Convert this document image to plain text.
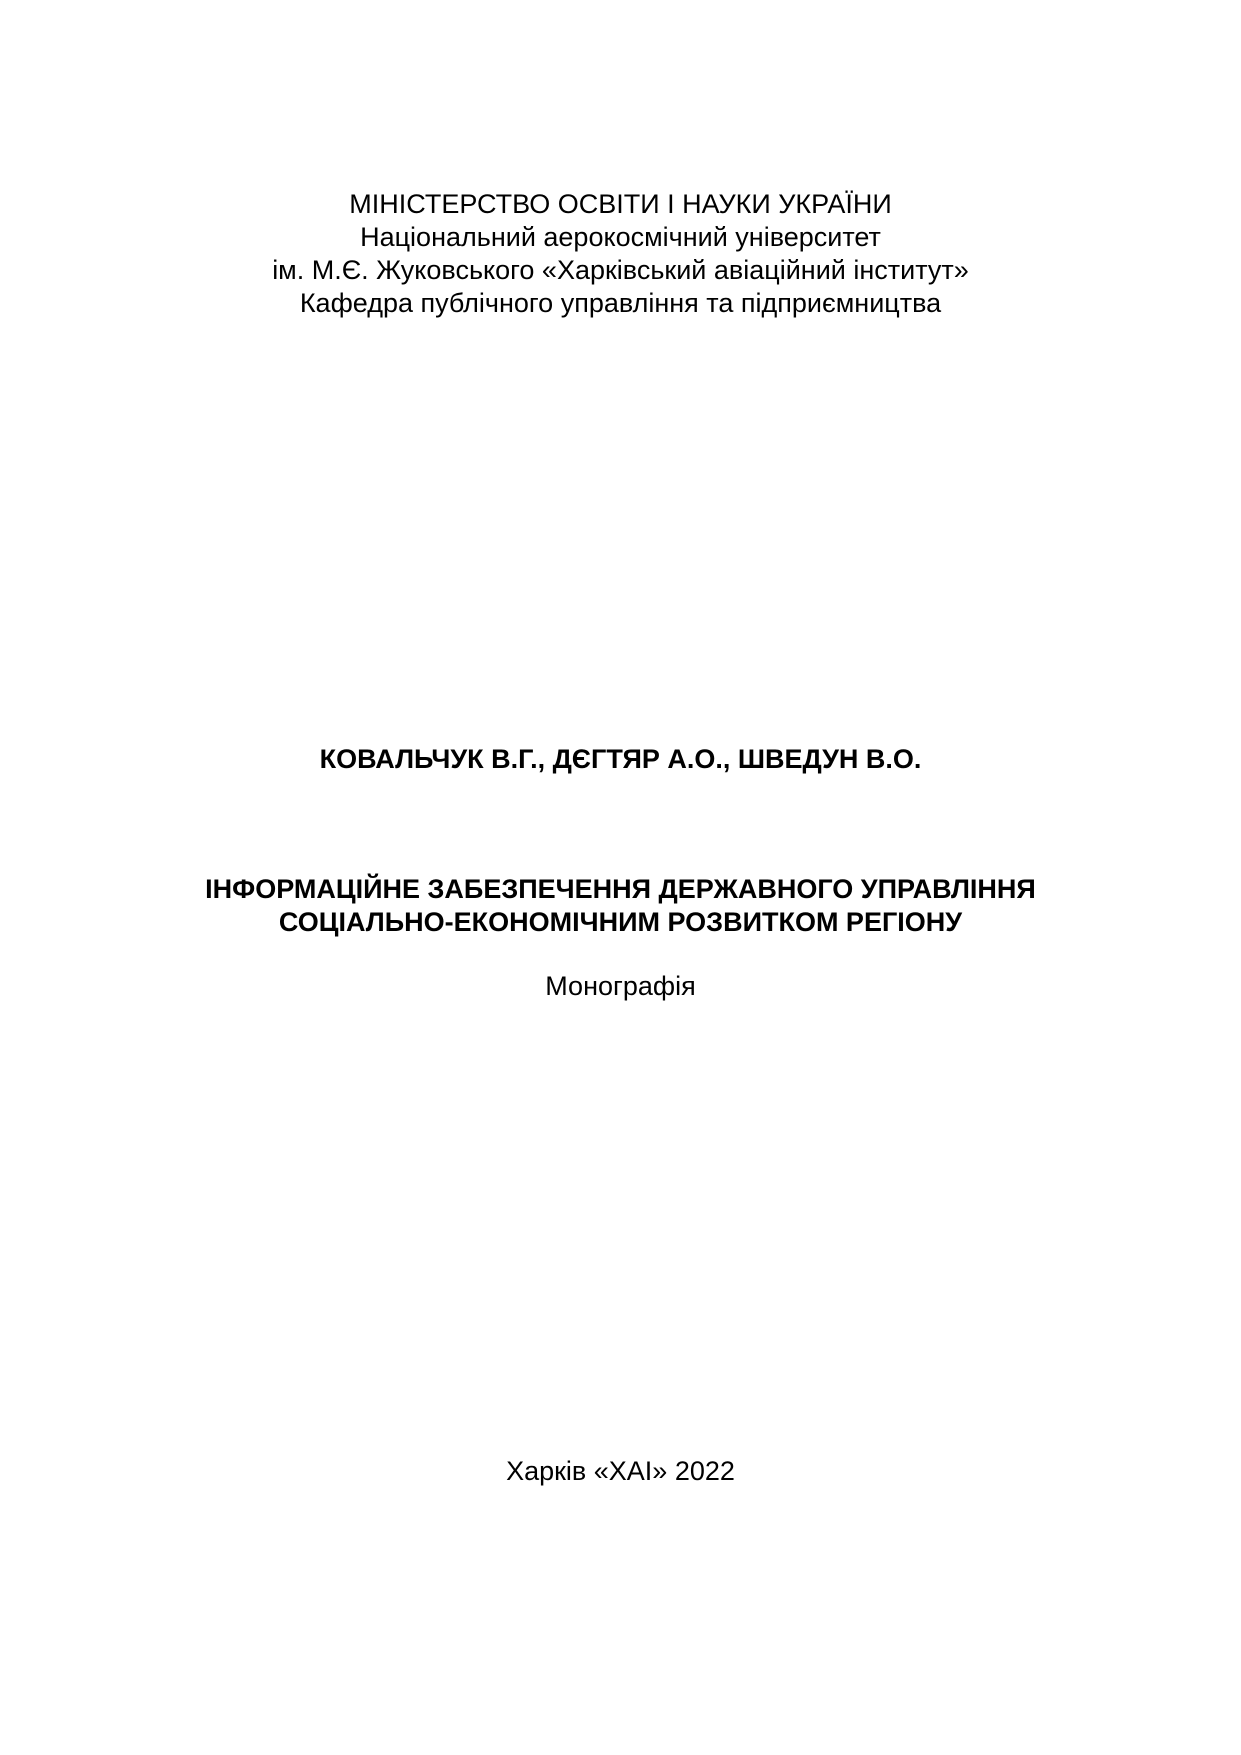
МІНІСТЕРСТВО ОСВІТИ І НАУКИ УКРАЇНИ
Національний аерокосмічний університет
ім. М.Є. Жуковського «Харківський авіаційний інститут»
Кафедра публічного управління та підприємництва
КОВАЛЬЧУК В.Г., ДЄГТЯР А.О., ШВЕДУН В.О.
ІНФОРМАЦІЙНЕ ЗАБЕЗПЕЧЕННЯ ДЕРЖАВНОГО УПРАВЛІННЯ
СОЦІАЛЬНО-ЕКОНОМІЧНИМ РОЗВИТКОМ РЕГІОНУ
Монографія
Харків «ХАІ» 2022
